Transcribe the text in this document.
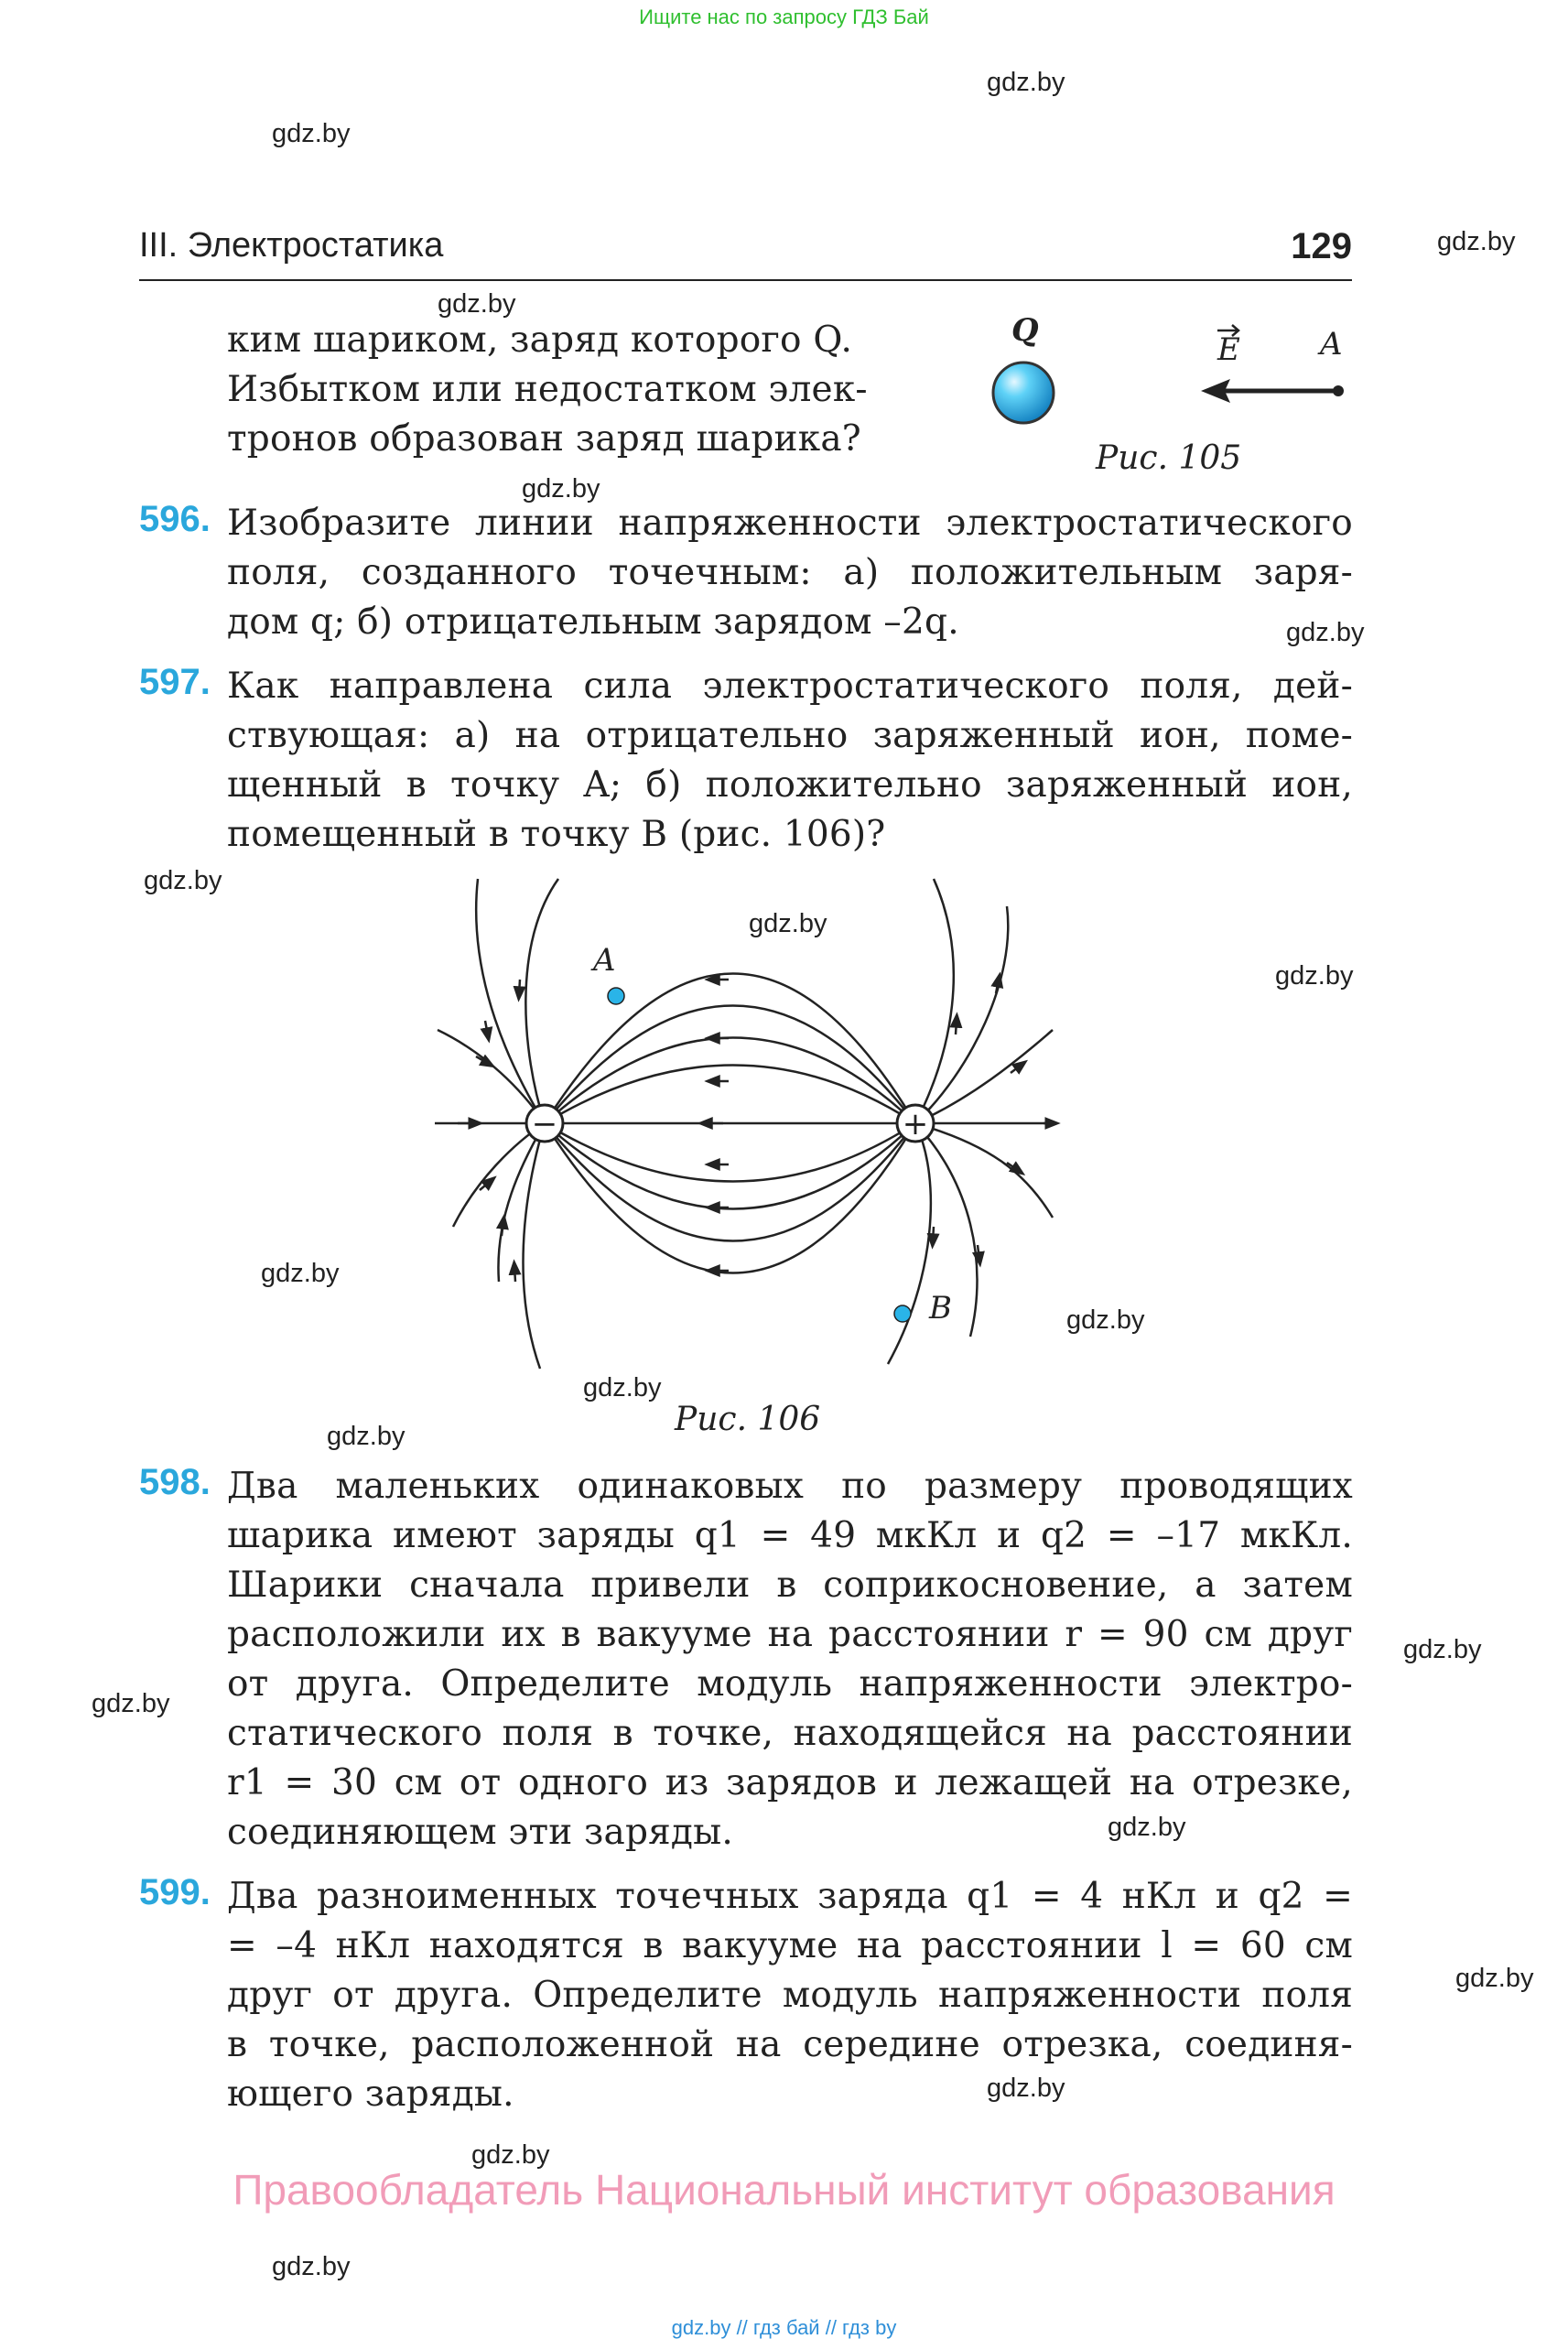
Ищите нас по запросу ГДЗ Бай
gdz.by
gdz.by
gdz.by
gdz.by
gdz.by
gdz.by
gdz.by
gdz.by
gdz.by
gdz.by
gdz.by
gdz.by
gdz.by
gdz.by
gdz.by
gdz.by
gdz.by
gdz.by
gdz.by
gdz.by
III. Электростатика	129
ким шариком, заряд которого Q.
Избытком или недостатком элек-
тронов образован заряд шарика?
Q
E	A
Рис. 105
596. Изобразите линии напряженности электростатического
поля, созданного точечным: а) положительным заря-
дом q; б) отрицательным зарядом –2q.
597. Как направлена сила электростатического поля, дей-
ствующая: а) на отрицательно заряженный ион, поме-
щенный в точку A; б) положительно заряженный ион,
помещенный в точку B (рис. 106)?
−	+
A
B
Рис. 106
598. Два маленьких одинаковых по размеру проводящих
шарика имеют заряды q1 = 49 мкКл и q2 = –17 мкКл.
Шарики сначала привели в соприкосновение, а затем
расположили их в вакууме на расстоянии r = 90 см друг
от друга. Определите модуль напряженности электро-
статического поля в точке, находящейся на расстоянии
r1 = 30 см от одного из зарядов и лежащей на отрезке,
соединяющем эти заряды.
599. Два разноименных точечных заряда q1 = 4 нКл и q2 =
= –4 нКл находятся в вакууме на расстоянии l = 60 см
друг от друга. Определите модуль напряженности поля
в точке, расположенной на середине отрезка, соединя-
ющего заряды.
Правообладатель Национальный институт образования
gdz.by // гдз бай // гдз by
